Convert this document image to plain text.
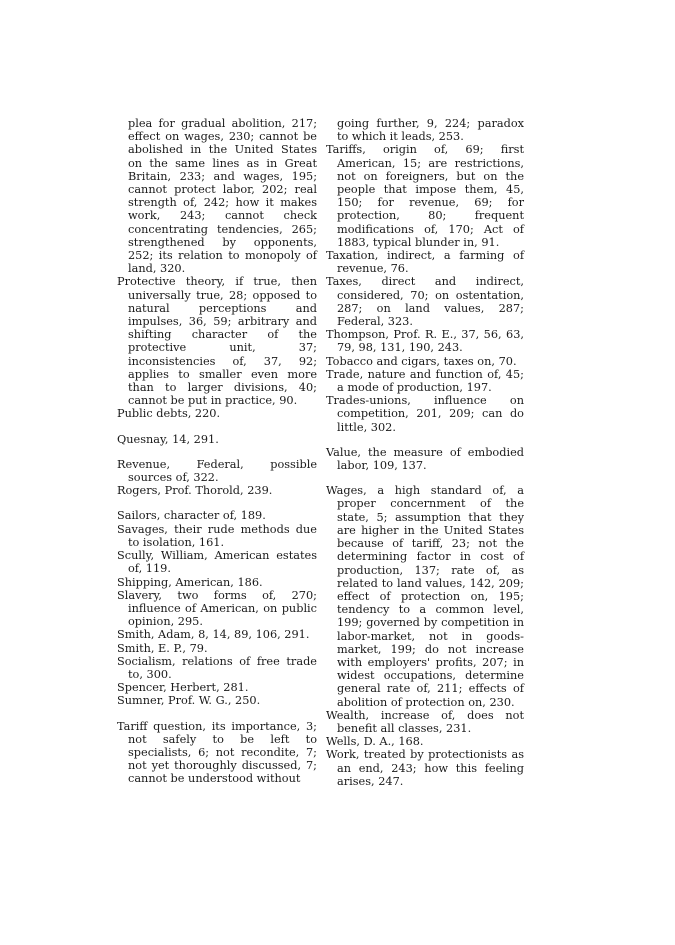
plea for gradual abolition, 217; effect on wages, 230; cannot be abolished in the United States on the same lines as in Great Britain, 233; and wages, 195; cannot protect labor, 202; real strength of, 242; how it makes work, 243; cannot check concentrating tendencies, 265; strengthened by opponents, 252; its relation to monopoly of land, 320.

Protective theory, if true, then universally true, 28; opposed to natural perceptions and impulses, 36, 59; arbitrary and shifting character of the protective unit, 37; inconsistencies of, 37, 92; applies to smaller even more than to larger divisions, 40; cannot be put in practice, 90.

Public debts, 220.

Quesnay, 14, 291.

Revenue, Federal, possible sources of, 322.

Rogers, Prof. Thorold, 239.

Sailors, character of, 189.

Savages, their rude methods due to isolation, 161.

Scully, William, American estates of, 119.

Shipping, American, 186.

Slavery, two forms of, 270; influence of American, on public opinion, 295.

Smith, Adam, 8, 14, 89, 106, 291.

Smith, E. P., 79.

Socialism, relations of free trade to, 300.

Spencer, Herbert, 281.

Sumner, Prof. W. G., 250.

Tariff question, its importance, 3; not safely to be left to specialists, 6; not recondite, 7; not yet thoroughly discussed, 7; cannot be understood without

going further, 9, 224; paradox to which it leads, 253.

Tariffs, origin of, 69; first American, 15; are restrictions, not on foreigners, but on the people that impose them, 45, 150; for revenue, 69; for protection, 80; frequent modifications of, 170; Act of 1883, typical blunder in, 91.

Taxation, indirect, a farming of revenue, 76.

Taxes, direct and indirect, considered, 70; on ostentation, 287; on land values, 287; Federal, 323.

Thompson, Prof. R. E., 37, 56, 63, 79, 98, 131, 190, 243.

Tobacco and cigars, taxes on, 70.

Trade, nature and function of, 45; a mode of production, 197.

Trades-unions, influence on competition, 201, 209; can do little, 302.

Value, the measure of embodied labor, 109, 137.

Wages, a high standard of, a proper concernment of the state, 5; assumption that they are higher in the United States because of tariff, 23; not the determining factor in cost of production, 137; rate of, as related to land values, 142, 209; effect of protection on, 195; tendency to a common level, 199; governed by competition in labor-market, not in goods-market, 199; do not increase with employers' profits, 207; in widest occupations, determine general rate of, 211; effects of abolition of protection on, 230.

Wealth, increase of, does not benefit all classes, 231.

Wells, D. A., 168.

Work, treated by protectionists as an end, 243; how this feeling arises, 247.
